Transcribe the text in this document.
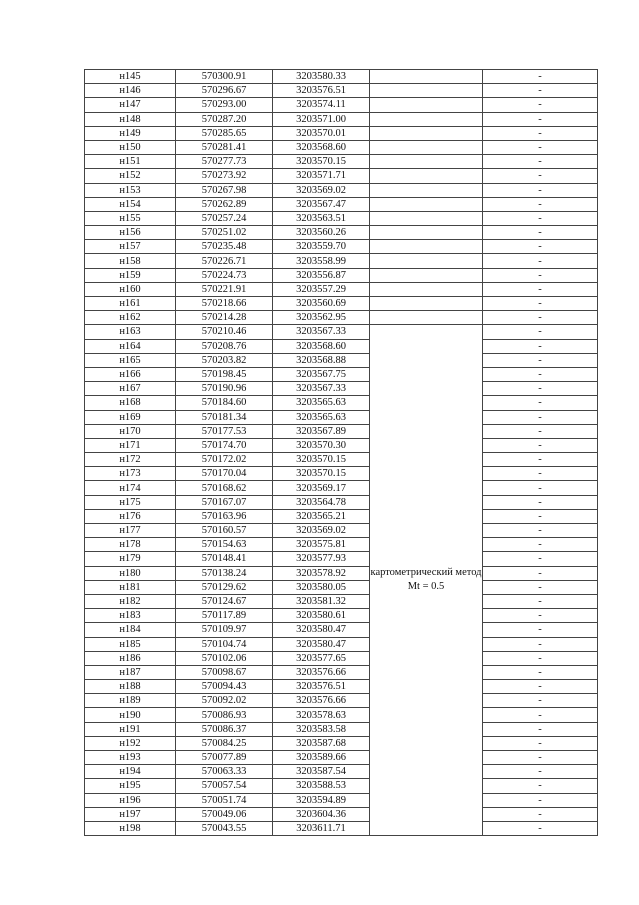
н145	570300.91	3203580.33		-
н146	570296.67	3203576.51		-
н147	570293.00	3203574.11		-
н148	570287.20	3203571.00		-
н149	570285.65	3203570.01		-
н150	570281.41	3203568.60		-
н151	570277.73	3203570.15		-
н152	570273.92	3203571.71		-
н153	570267.98	3203569.02		-
н154	570262.89	3203567.47		-
н155	570257.24	3203563.51		-
н156	570251.02	3203560.26		-
н157	570235.48	3203559.70		-
н158	570226.71	3203558.99		-
н159	570224.73	3203556.87		-
н160	570221.91	3203557.29		-
н161	570218.66	3203560.69		-
н162	570214.28	3203562.95		-
н163	570210.46	3203567.33	картометрический метод Mt = 0.5	-
н164	570208.76	3203568.60		-
н165	570203.82	3203568.88		-
н166	570198.45	3203567.75		-
н167	570190.96	3203567.33		-
н168	570184.60	3203565.63		-
н169	570181.34	3203565.63		-
н170	570177.53	3203567.89		-
н171	570174.70	3203570.30		-
н172	570172.02	3203570.15		-
н173	570170.04	3203570.15		-
н174	570168.62	3203569.17		-
н175	570167.07	3203564.78		-
н176	570163.96	3203565.21		-
н177	570160.57	3203569.02		-
н178	570154.63	3203575.81		-
н179	570148.41	3203577.93		-
н180	570138.24	3203578.92		-
н181	570129.62	3203580.05		-
н182	570124.67	3203581.32		-
н183	570117.89	3203580.61		-
н184	570109.97	3203580.47		-
н185	570104.74	3203580.47		-
н186	570102.06	3203577.65		-
н187	570098.67	3203576.66		-
н188	570094.43	3203576.51		-
н189	570092.02	3203576.66		-
н190	570086.93	3203578.63		-
н191	570086.37	3203583.58		-
н192	570084.25	3203587.68		-
н193	570077.89	3203589.66		-
н194	570063.33	3203587.54		-
н195	570057.54	3203588.53		-
н196	570051.74	3203594.89		-
н197	570049.06	3203604.36		-
н198	570043.55	3203611.71		-
